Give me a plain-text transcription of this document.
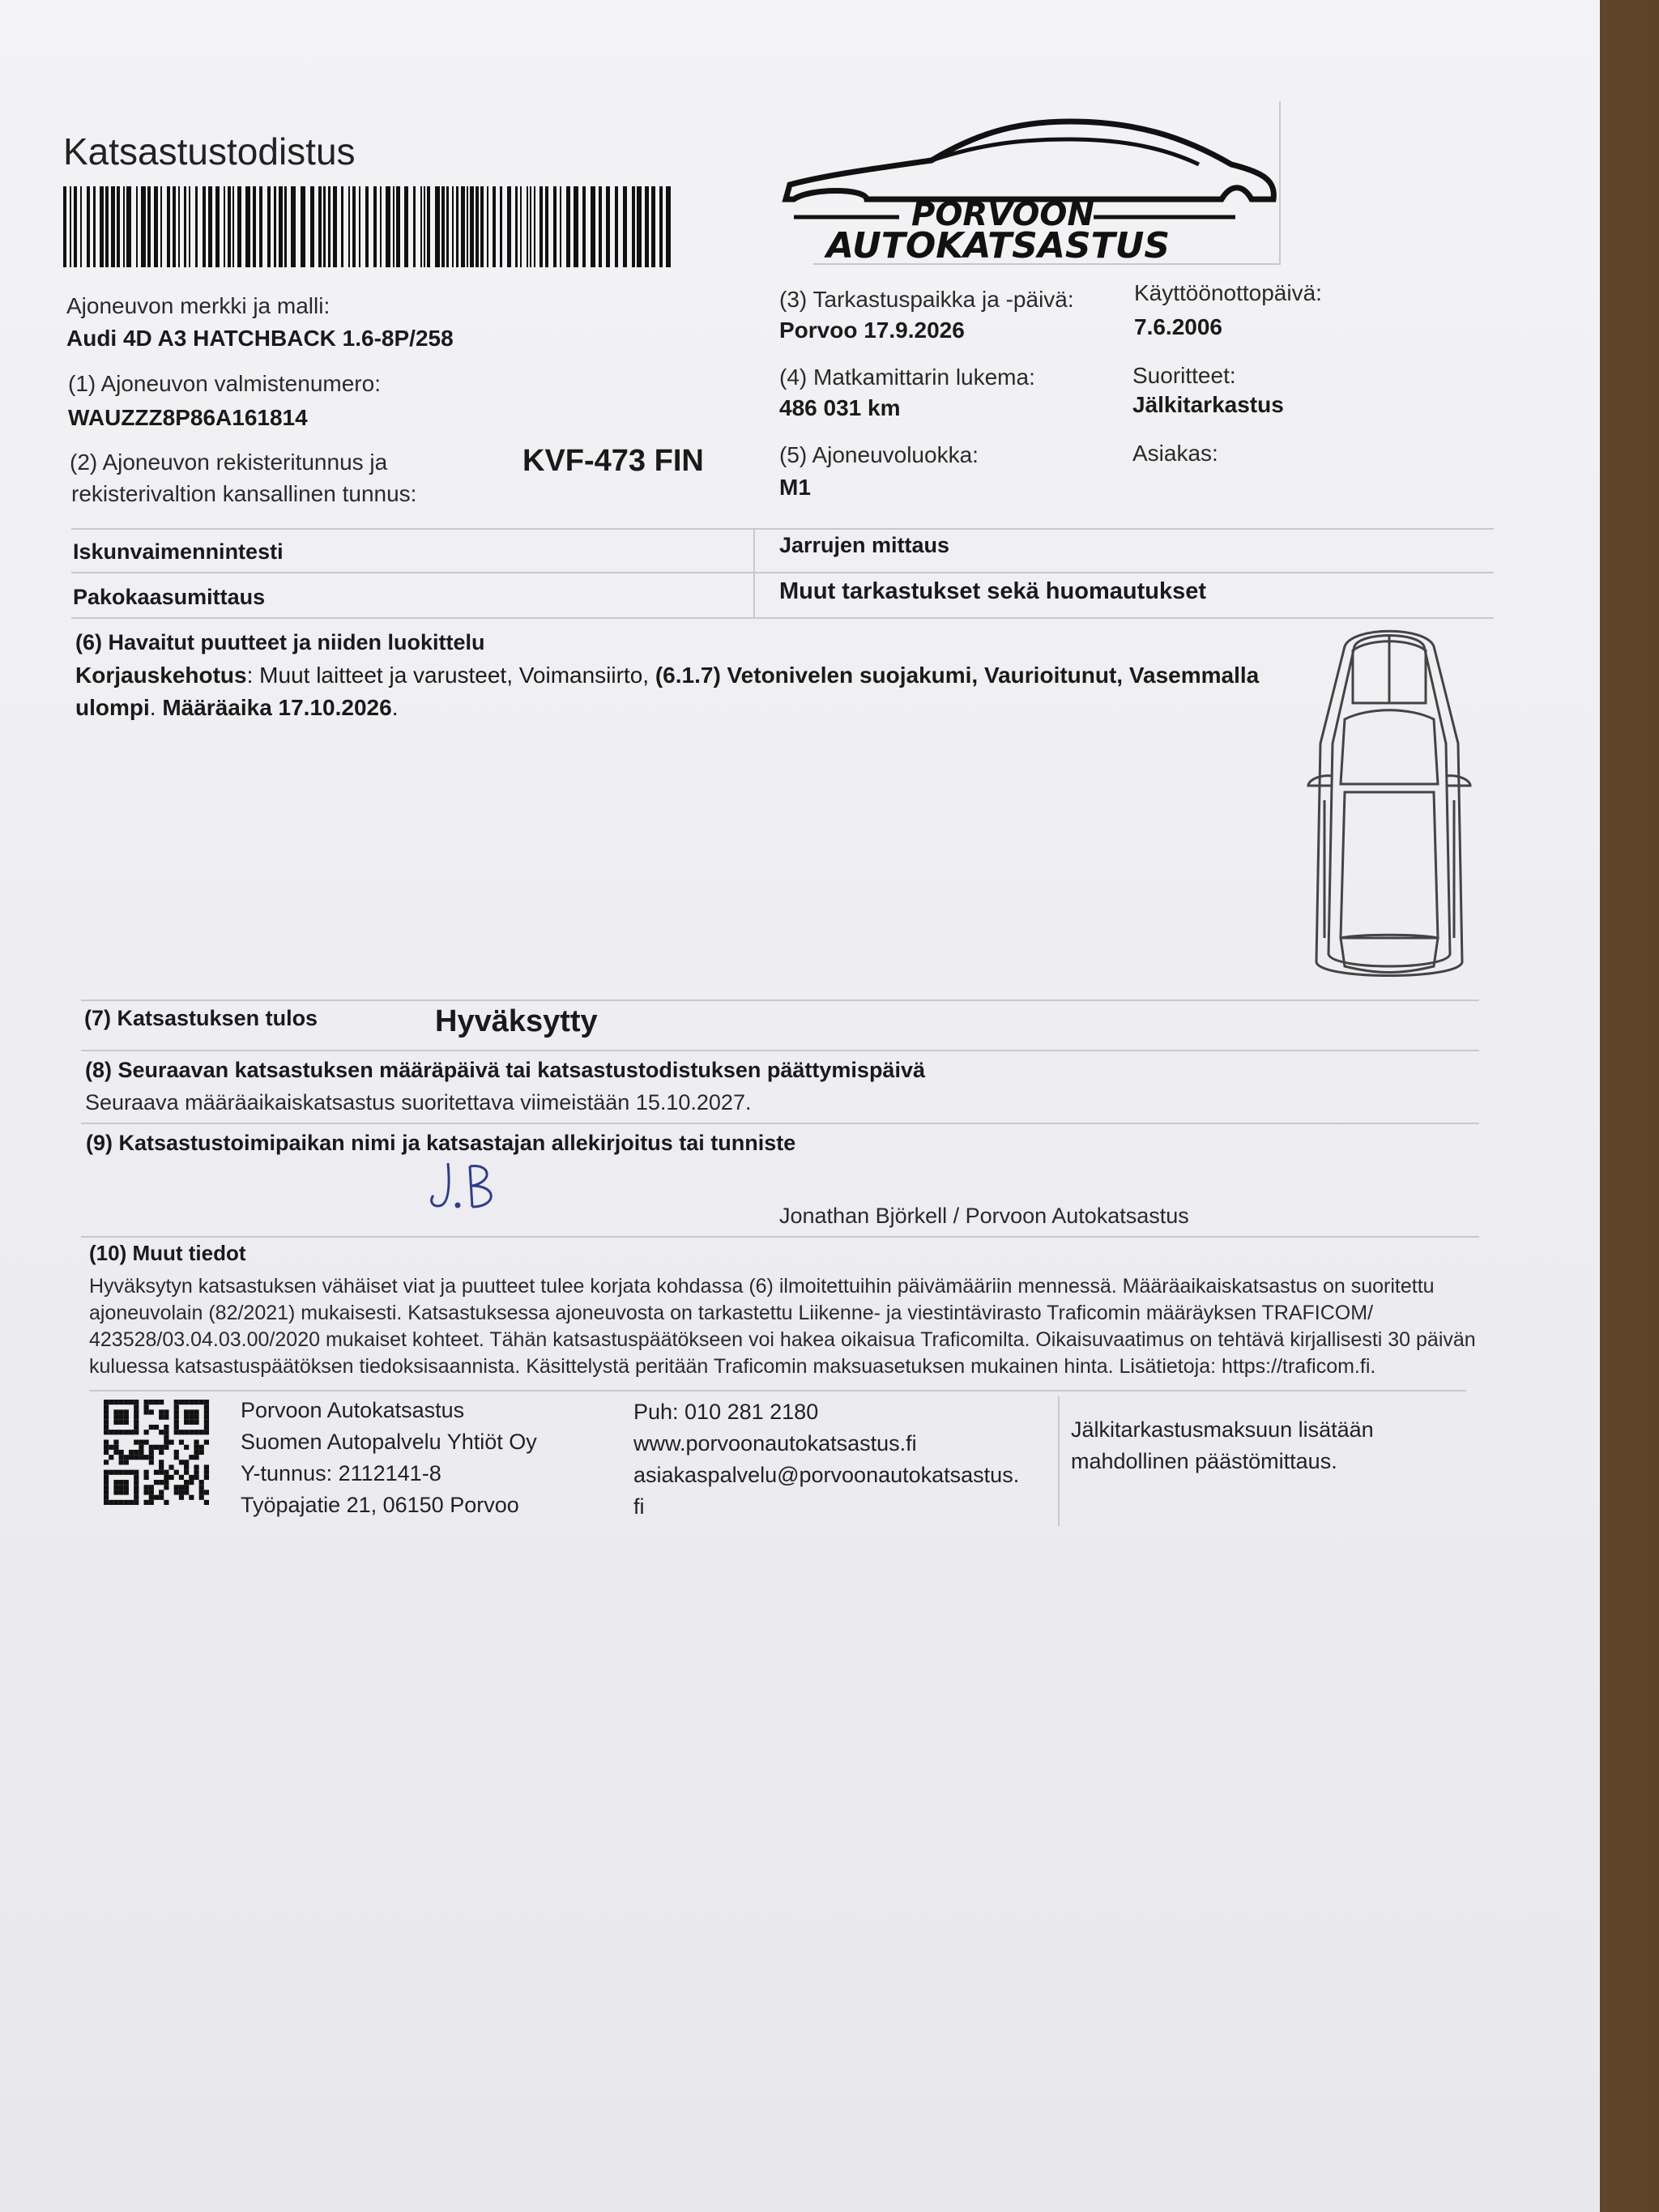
Katsastustodistus
PORVOON
AUTOKATSASTUS
Ajoneuvon merkki ja malli:
Audi 4D A3 HATCHBACK 1.6-8P/258
(1) Ajoneuvon valmistenumero:
WAUZZZ8P86A161814
(2) Ajoneuvon rekisteritunnus ja
rekisterivaltion kansallinen tunnus:
KVF-473 FIN
(3) Tarkastuspaikka ja -päivä:
Porvoo 17.9.2026
(4) Matkamittarin lukema:
486 031 km
(5) Ajoneuvoluokka:
M1
Käyttöönottopäivä:
7.6.2006
Suoritteet:
Jälkitarkastus
Asiakas:
Iskunvaimennintesti	Jarrujen mittaus
Pakokaasumittaus	Muut tarkastukset sekä huomautukset
(6) Havaitut puutteet ja niiden luokittelu
Korjauskehotus: Muut laitteet ja varusteet, Voimansiirto, (6.1.7) Vetonivelen suojakumi, Vaurioitunut, Vasemmalla
ulompi. Määräaika 17.10.2026.
(7) Katsastuksen tulos	Hyväksytty
(8) Seuraavan katsastuksen määräpäivä tai katsastustodistuksen päättymispäivä
Seuraava määräaikaiskatsastus suoritettava viimeistään 15.10.2027.
(9) Katsastustoimipaikan nimi ja katsastajan allekirjoitus tai tunniste
Jonathan Björkell / Porvoon Autokatsastus
(10) Muut tiedot
Hyväksytyn katsastuksen vähäiset viat ja puutteet tulee korjata kohdassa (6) ilmoitettuihin päivämääriin mennessä. Määräaikaiskatsastus on suoritettu
ajoneuvolain (82/2021) mukaisesti. Katsastuksessa ajoneuvosta on tarkastettu Liikenne- ja viestintävirasto Traficomin määräyksen TRAFICOM/
423528/03.04.03.00/2020 mukaiset kohteet. Tähän katsastuspäätökseen voi hakea oikaisua Traficomilta. Oikaisuvaatimus on tehtävä kirjallisesti 30 päivän
kuluessa katsastuspäätöksen tiedoksisaannista. Käsittelystä peritään Traficomin maksuasetuksen mukainen hinta. Lisätietoja: https://traficom.fi.
Porvoon Autokatsastus
Suomen Autopalvelu Yhtiöt Oy
Y-tunnus: 2112141-8
Työpajatie 21, 06150 Porvoo
Puh: 010 281 2180
www.porvoonautokatsastus.fi
asiakaspalvelu@porvoonautokatsastus.
fi
Jälkitarkastusmaksuun lisätään
mahdollinen päästömittaus.
